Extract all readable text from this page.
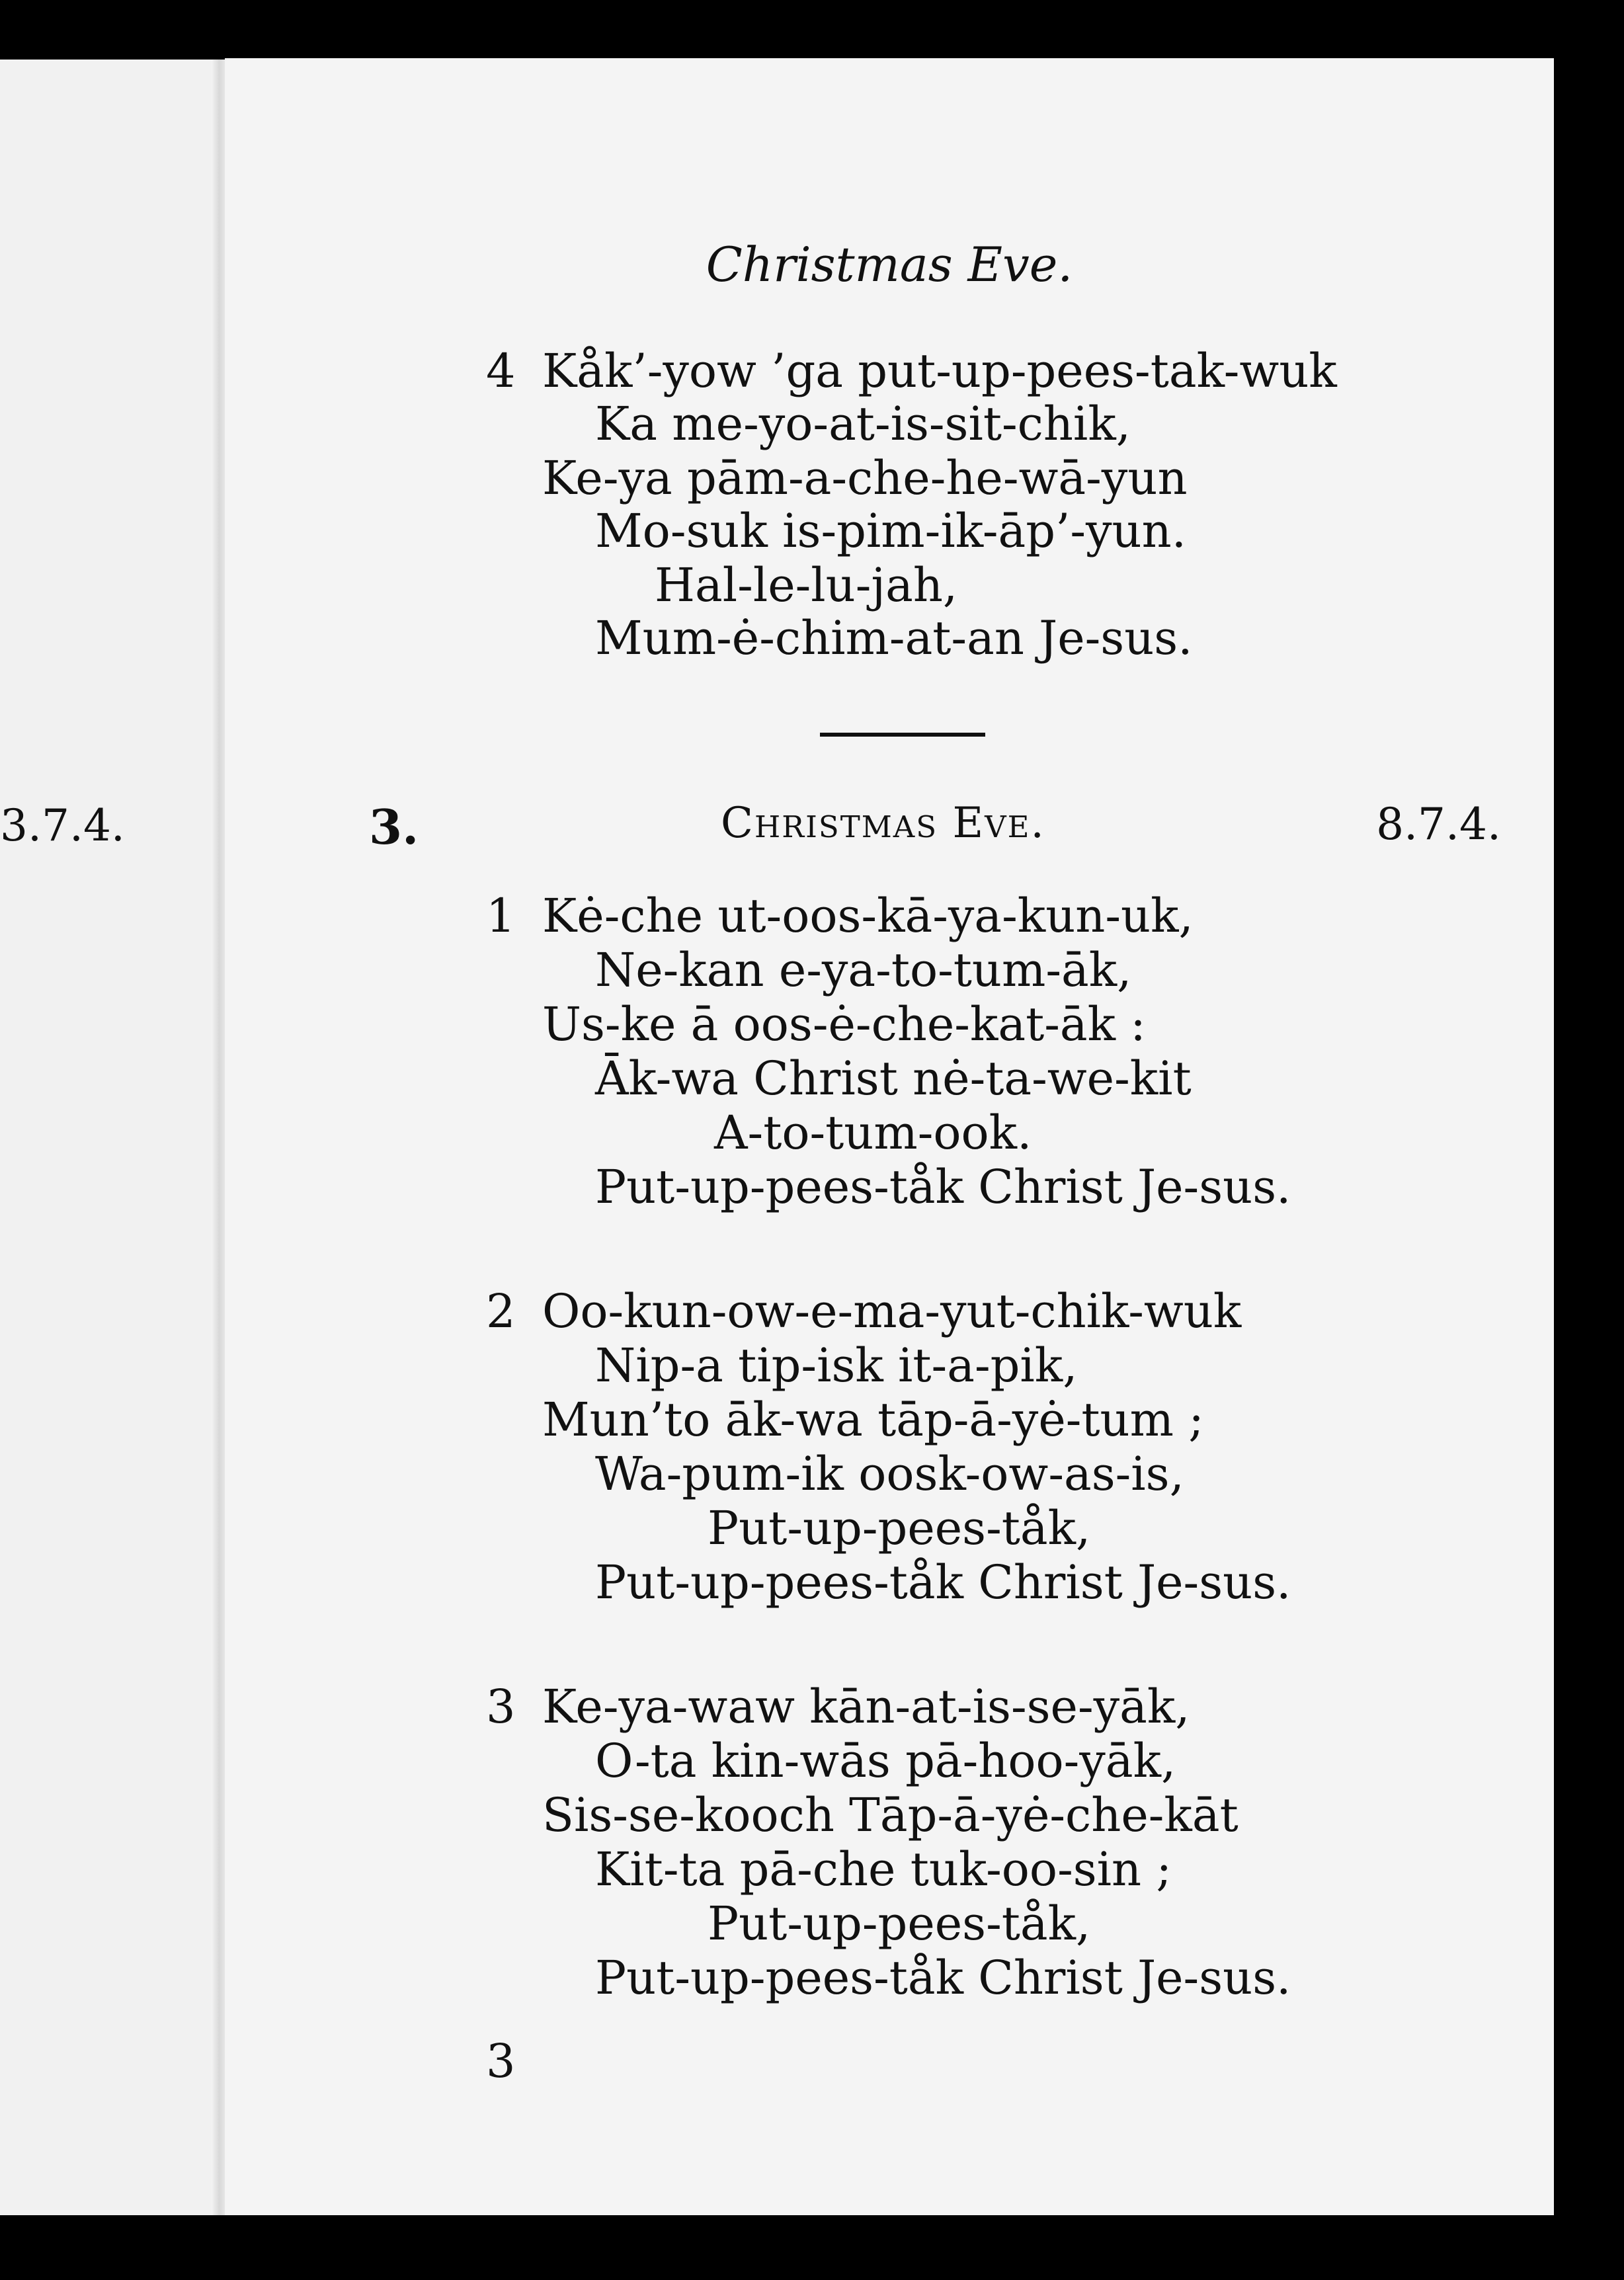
3.7.4.
Christmas Eve.
4 Kåk’-yow ’ga put-up-pees-tak-wuk
Ka me-yo-at-is-sit-chik,
Ke-ya pām-a-che-he-wā-yun
Mo-suk is-pim-ik-āp’-yun.
Hal-le-lu-jah,
Mum-ė-chim-at-an Je-sus.
3.	Christmas Eve.	8.7.4.
1 Kė-che ut-oos-kā-ya-kun-uk,
Ne-kan e-ya-to-tum-āk,
Us-ke ā oos-ė-che-kat-āk :
Āk-wa Christ nė-ta-we-kit
A-to-tum-ook.
Put-up-pees-tåk Christ Je-sus.
2 Oo-kun-ow-e-ma-yut-chik-wuk
Nip-a tip-isk it-a-pik,
Mun’to āk-wa tāp-ā-yė-tum ;
Wa-pum-ik oosk-ow-as-is,
Put-up-pees-tåk,
Put-up-pees-tåk Christ Je-sus.
3 Ke-ya-waw kān-at-is-se-yāk,
O-ta kin-wās pā-hoo-yāk,
Sis-se-kooch Tāp-ā-yė-che-kāt
Kit-ta pā-che tuk-oo-sin ;
Put-up-pees-tåk,
Put-up-pees-tåk Christ Je-sus.
3
